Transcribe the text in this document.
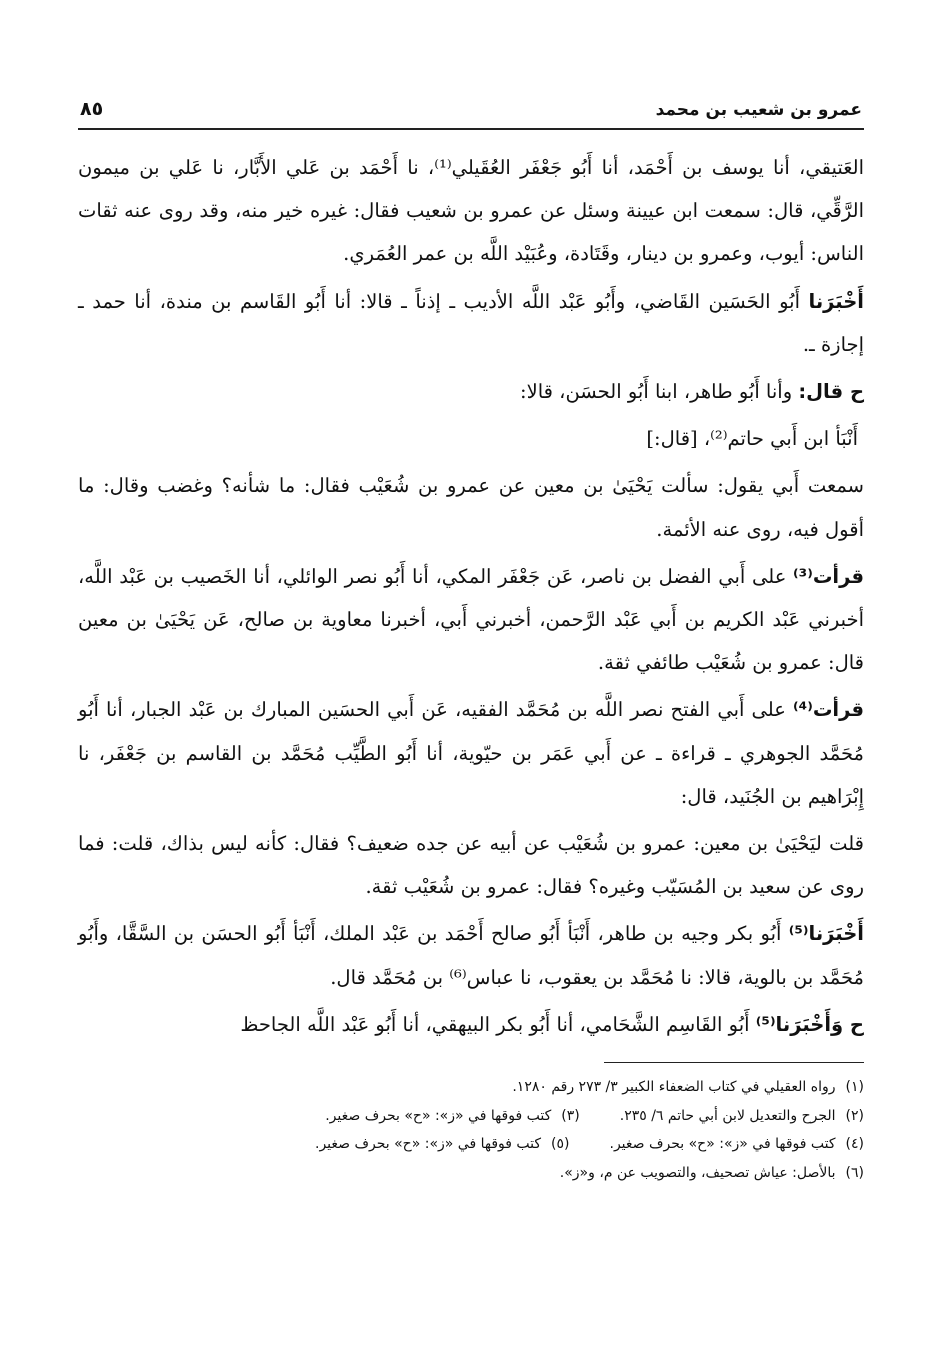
عمرو بن شعيب بن محمد
٨٥

العَتيقي، أنا يوسف بن أَحْمَد، أنا أَبُو جَعْفَر العُقَيلي⁽¹⁾، نا أَحْمَد بن عَلي الأَبَّار، نا عَلي بن ميمون الرَّقِّي، قال: سمعت ابن عيينة وسئل عن عمرو بن شعيب فقال: غيره خير منه، وقد روى عنه ثقات الناس: أيوب، وعمرو بن دينار، وقَتَادة، وعُبَيْد اللَّه بن عمر العُمَري.

أَخْبَرَنا أَبُو الحَسَين القَاضي، وأَبُو عَبْد اللَّه الأديب ـ إذناً ـ قالا: أنا أَبُو القَاسم بن مندة، أنا حمد ـ إجازة ـ.

ح قال: وأنا أَبُو طاهر، ابنا أَبُو الحسَن، قالا:

أَنْبَأ ابن أَبي حاتم⁽²⁾، [قال:]

سمعت أَبي يقول: سألت يَحْيَىٰ بن معين عن عمرو بن شُعَيْب فقال: ما شأنه؟ وغضب وقال: ما أقول فيه، روى عنه الأئمة.

قرأت⁽³⁾ على أَبي الفضل بن ناصر، عَن جَعْفَر المكي، أنا أَبُو نصر الوائلي، أنا الخَصيب بن عَبْد اللَّه، أخبرني عَبْد الكريم بن أَبي عَبْد الرَّحمن، أخبرني أَبي، أخبرنا معاوية بن صالح، عَن يَحْيَىٰ بن معين قال: عمرو بن شُعَيْب طائفي ثقة.

قرأت⁽⁴⁾ على أَبي الفتح نصر اللَّه بن مُحَمَّد الفقيه، عَن أَبي الحسَين المبارك بن عَبْد الجبار، أنا أَبُو مُحَمَّد الجوهري ـ قراءة ـ عن أَبي عَمَر بن حيّوية، أنا أَبُو الطَّيِّب مُحَمَّد بن القاسم بن جَعْفَر، نا إِبْرَاهيم بن الجُنَيد، قال:

قلت ليَحْيَىٰ بن معين: عمرو بن شُعَيْب عن أبيه عن جده ضعيف؟ فقال: كأنه ليس بذاك، قلت: فما روى عن سعيد بن المُسَيّب وغيره؟ فقال: عمرو بن شُعَيْب ثقة.

أَخْبَرَنا⁽⁵⁾ أَبُو بكر وجيه بن طاهر، أَنْبَأ أَبُو صالح أَحْمَد بن عَبْد الملك، أَنْبَأ أَبُو الحسَن بن السَّقَّا، وأَبُو مُحَمَّد بن بالوية، قالا: نا مُحَمَّد بن يعقوب، نا عباس⁽⁶⁾ بن مُحَمَّد قال.

ح وَأَخْبَرَنا⁽⁵⁾ أَبُو القَاسِم الشَّحَامي، أنا أَبُو بكر البيهقي، أنا أَبُو عَبْد اللَّه الجاحظ

(١)رواه العقيلي في كتاب الضعفاء الكبير ٣/ ٢٧٣ رقم ١٢٨٠.
(٢)الجرح والتعديل لابن أبي حاتم ٦/ ٢٣٥.
(٣)كتب فوقها في «ز»: «ح» بحرف صغير.
(٤)كتب فوقها في «ز»: «ح» بحرف صغير.
(٥)كتب فوقها في «ز»: «ح» بحرف صغير.
(٦)بالأصل: عياش تصحيف، والتصويب عن م، و«ز».
